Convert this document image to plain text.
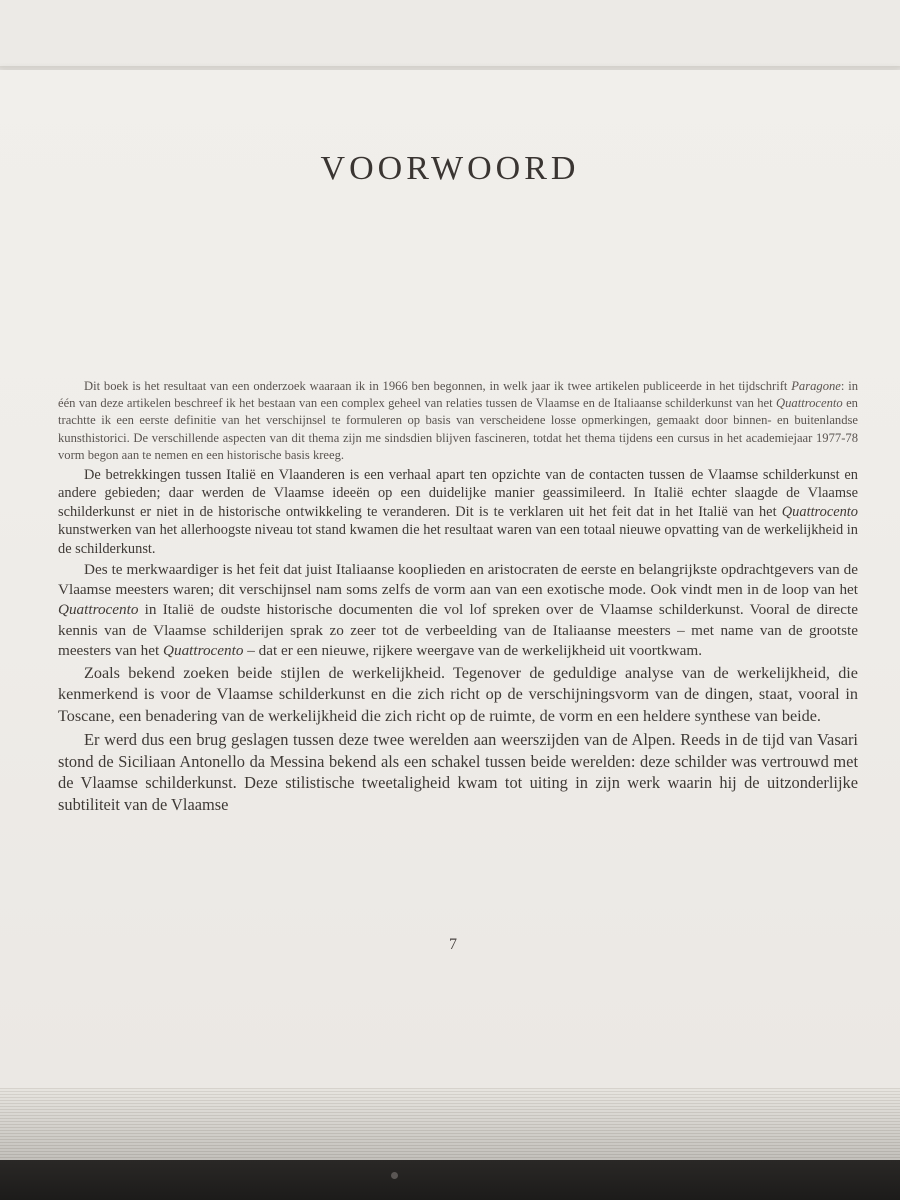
VOORWOORD

Dit boek is het resultaat van een onderzoek waaraan ik in 1966 ben begonnen, in welk jaar ik twee artikelen publiceerde in het tijdschrift Paragone: in één van deze artikelen beschreef ik het bestaan van een complex geheel van relaties tussen de Vlaamse en de Italiaanse schilderkunst van het Quattrocento en trachtte ik een eerste definitie van het verschijnsel te formuleren op basis van verscheidene losse opmerkingen, gemaakt door binnen- en buitenlandse kunsthistorici. De verschillende aspecten van dit thema zijn me sindsdien blijven fascineren, totdat het thema tijdens een cursus in het academiejaar 1977-78 vorm begon aan te nemen en een historische basis kreeg.

De betrekkingen tussen Italië en Vlaanderen is een verhaal apart ten opzichte van de contacten tussen de Vlaamse schilderkunst en andere gebieden; daar werden de Vlaamse ideeën op een duidelijke manier geassimileerd. In Italië echter slaagde de Vlaamse schilderkunst er niet in de historische ontwikkeling te veranderen. Dit is te verklaren uit het feit dat in het Italië van het Quattrocento kunstwerken van het allerhoogste niveau tot stand kwamen die het resultaat waren van een totaal nieuwe opvatting van de werkelijkheid in de schilderkunst.

Des te merkwaardiger is het feit dat juist Italiaanse kooplieden en aristocraten de eerste en belangrijkste opdrachtgevers van de Vlaamse meesters waren; dit verschijnsel nam soms zelfs de vorm aan van een exotische mode. Ook vindt men in de loop van het Quattrocento in Italië de oudste historische documenten die vol lof spreken over de Vlaamse schilderkunst. Vooral de directe kennis van de Vlaamse schilderijen sprak zo zeer tot de verbeelding van de Italiaanse meesters – met name van de grootste meesters van het Quattrocento – dat er een nieuwe, rijkere weergave van de werkelijkheid uit voortkwam.

Zoals bekend zoeken beide stijlen de werkelijkheid. Tegenover de geduldige analyse van de werkelijkheid, die kenmerkend is voor de Vlaamse schilderkunst en die zich richt op de verschijningsvorm van de dingen, staat, vooral in Toscane, een benadering van de werkelijkheid die zich richt op de ruimte, de vorm en een heldere synthese van beide.

Er werd dus een brug geslagen tussen deze twee werelden aan weerszijden van de Alpen. Reeds in de tijd van Vasari stond de Siciliaan Antonello da Messina bekend als een schakel tussen beide werelden: deze schilder was vertrouwd met de Vlaamse schilderkunst. Deze stilistische tweetaligheid kwam tot uiting in zijn werk waarin hij de uitzonderlijke subtiliteit van de Vlaamse

7
